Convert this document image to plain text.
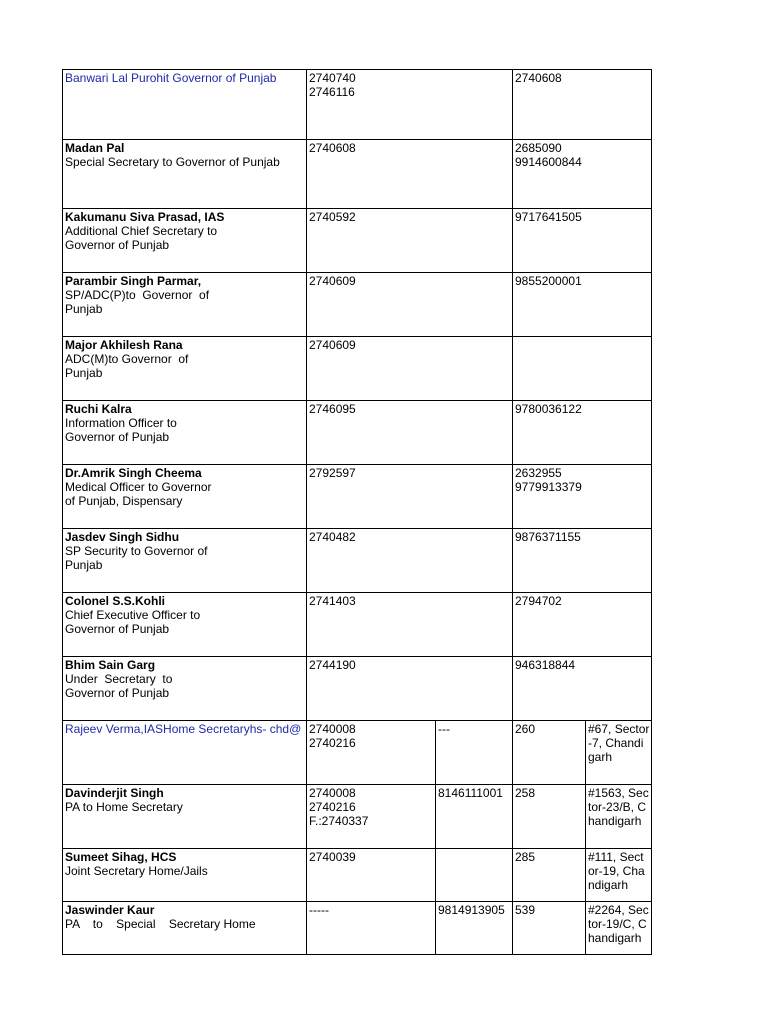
Banwari Lal Purohit Governor of Punjab	2740740
2746116		2740608	

Madan Pal
Special Secretary to Governor of Punjab	2740608		2685090
9914600844	

Kakumanu Siva Prasad, IAS
Additional Chief Secretary to
Governor of Punjab	2740592		9717641505	

Parambir Singh Parmar,
SP/ADC(P)to  Governor  of
Punjab	2740609		9855200001	

Major Akhilesh Rana
ADC(M)to Governor  of
Punjab	2740609			

Ruchi Kalra
Information Officer to
Governor of Punjab	2746095		9780036122	

Dr.Amrik Singh Cheema
Medical Officer to Governor
of Punjab, Dispensary	2792597		2632955
9779913379	

Jasdev Singh Sidhu
SP Security to Governor of
Punjab	2740482		9876371155	

Colonel S.S.Kohli
Chief Executive Officer to
Governor of Punjab	2741403		2794702	

Bhim Sain Garg
Under  Secretary  to
Governor of Punjab	2744190		946318844	

Rajeev Verma,IASHome Secretaryhs- chd@	2740008
2740216	---	260	#67, Sector-7, Chandigarh

Davinderjit Singh
PA to Home Secretary	2740008
2740216
F.:2740337	8146111001	258	#1563, Sector-23/B, Chandigarh

Sumeet Sihag, HCS
Joint Secretary Home/Jails	2740039		285	#111, Sector-19, Chandigarh

Jaswinder Kaur
PA    to    Special    Secretary Home	-----	9814913905	539	#2264, Sector-19/C, Chandigarh
